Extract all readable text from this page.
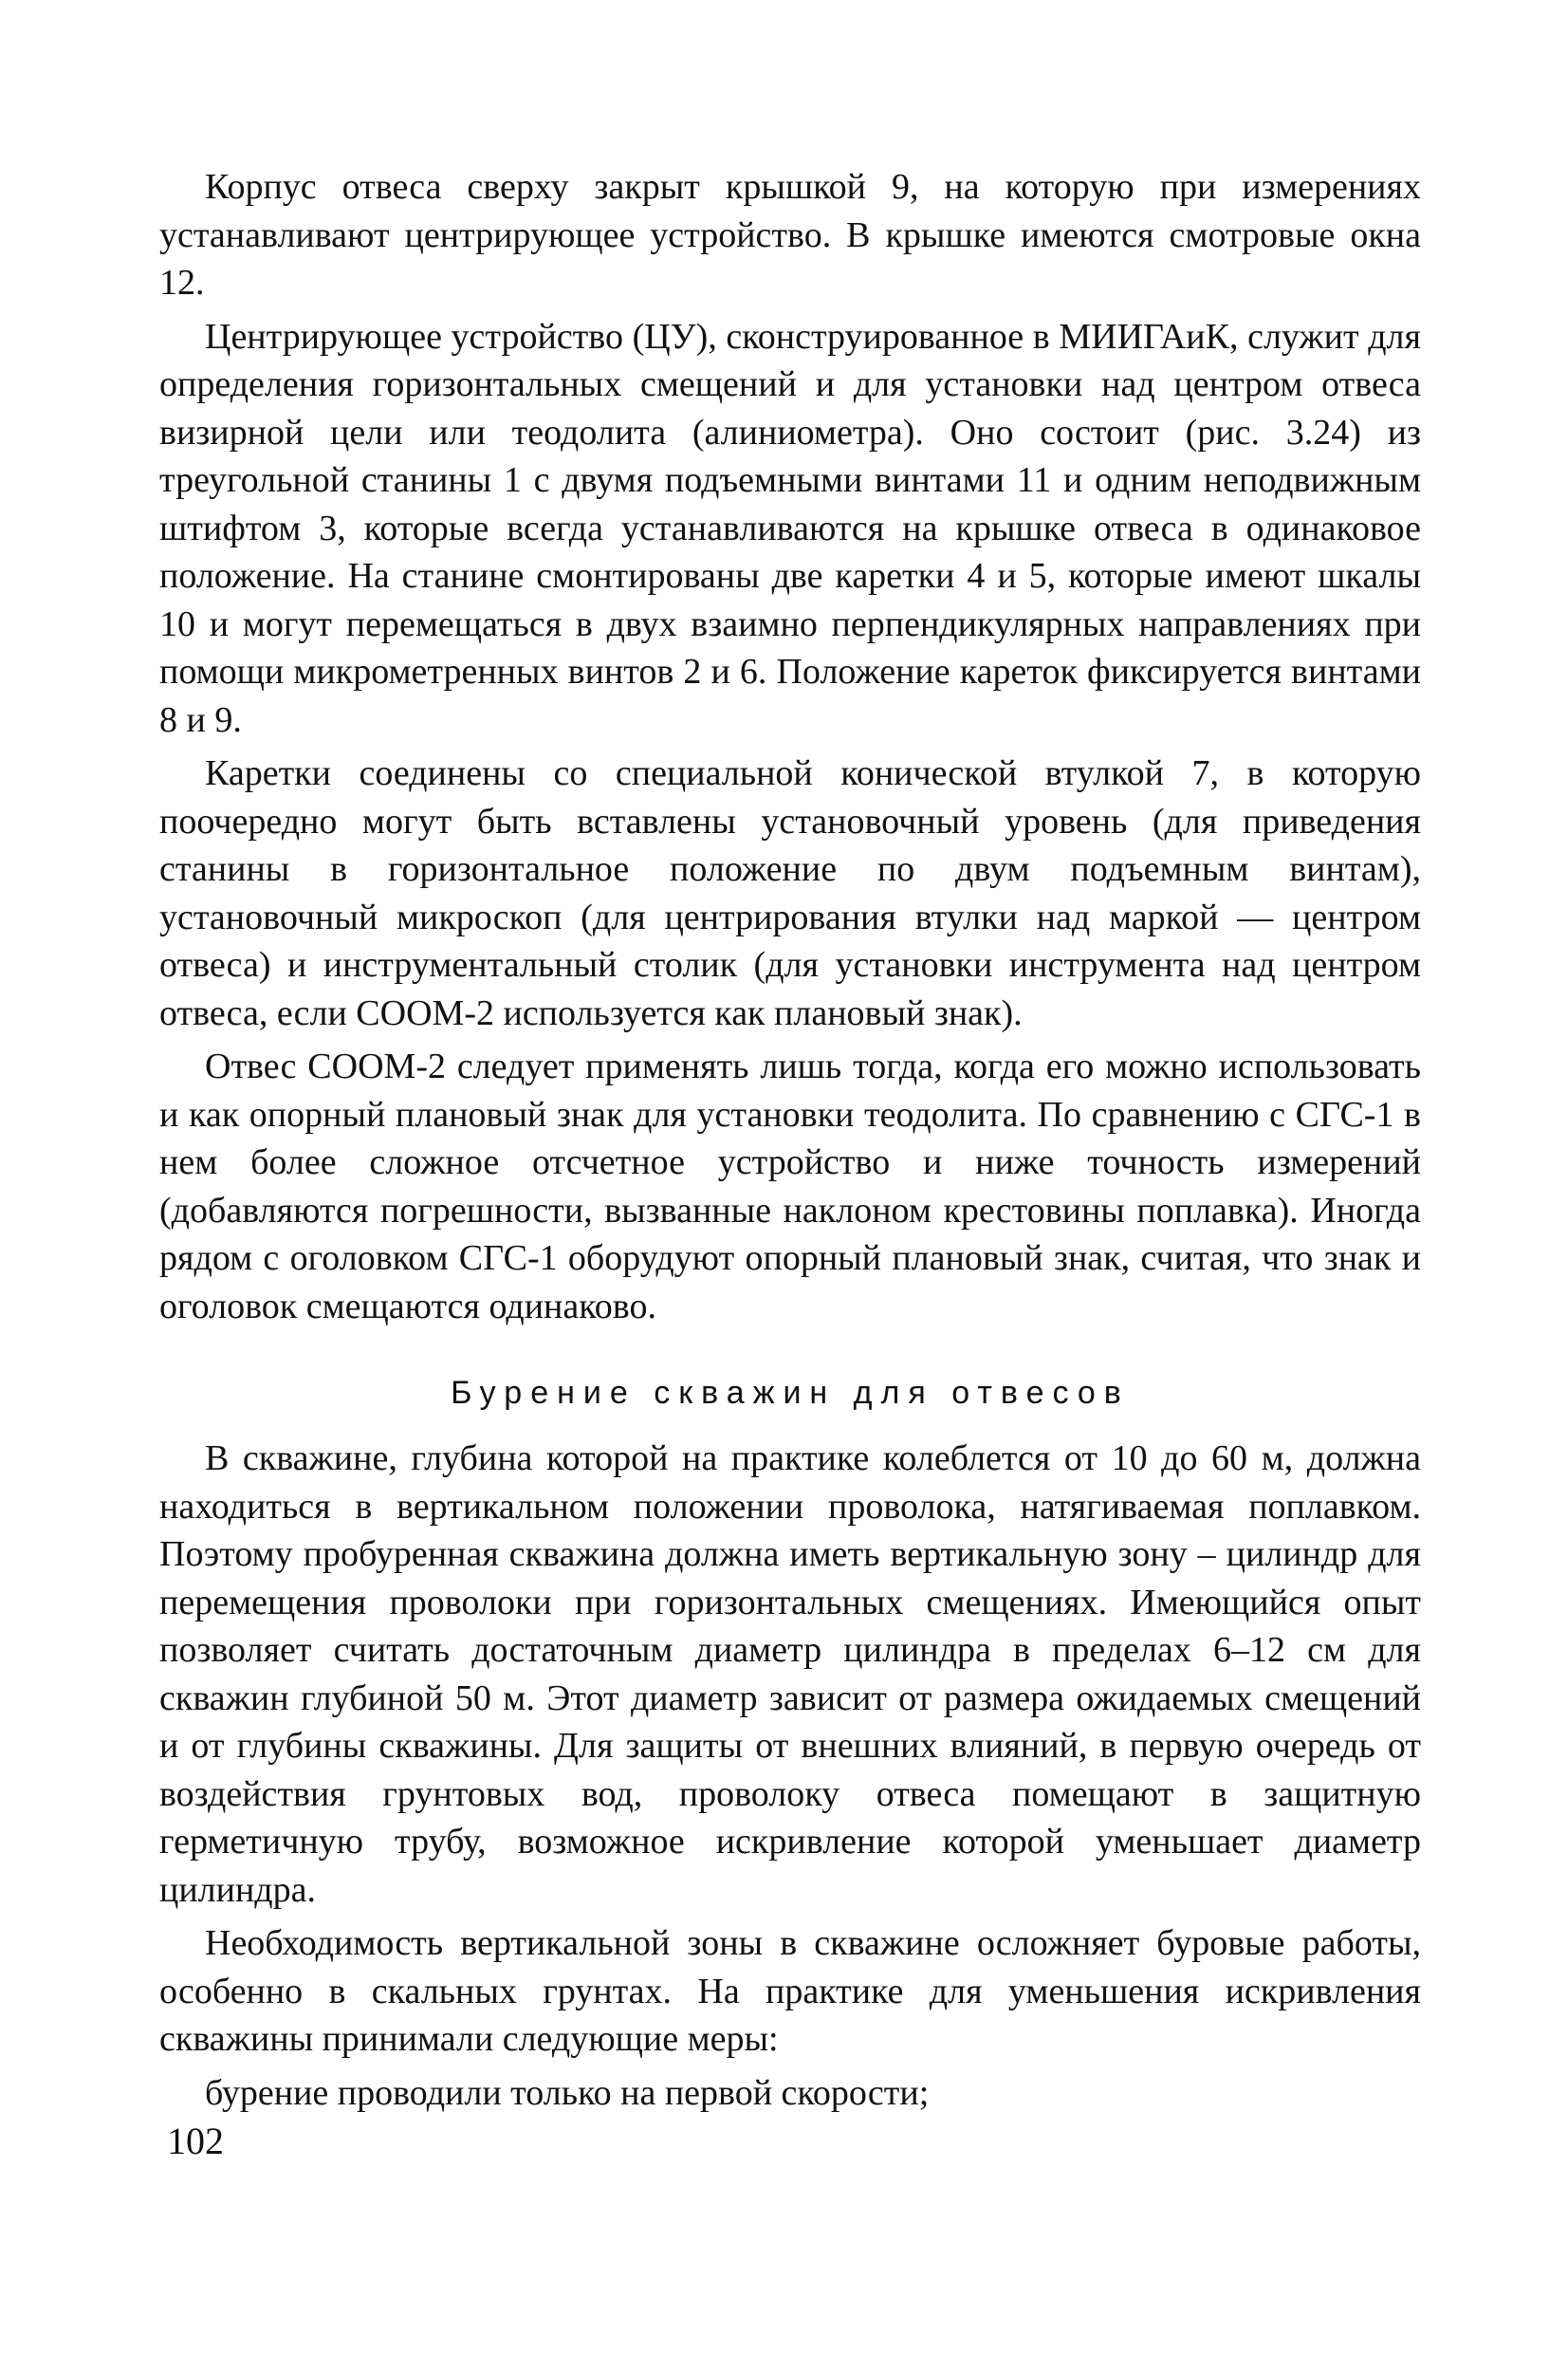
Корпус отвеса сверху закрыт крышкой 9, на которую при измерениях устанавливают центрирующее устройство. В крышке имеются смотровые окна 12.

Центрирующее устройство (ЦУ), сконструированное в МИИГАиК, служит для определения горизонтальных смещений и для установки над центром отвеса визирной цели или теодолита (алиниометра). Оно состоит (рис. 3.24) из треугольной станины 1 с двумя подъемными винтами 11 и одним неподвижным штифтом 3, которые всегда устанавливаются на крышке отвеса в одинаковое положение. На станине смонтированы две каретки 4 и 5, которые имеют шкалы 10 и могут перемещаться в двух взаимно перпендикулярных направлениях при помощи микрометренных винтов 2 и 6. Положение кареток фиксируется винтами 8 и 9.

Каретки соединены со специальной конической втулкой 7, в которую поочередно могут быть вставлены установочный уровень (для приведения станины в горизонтальное положение по двум подъемным винтам), установочный микроскоп (для центрирования втулки над маркой — центром отвеса) и инструментальный столик (для установки инструмента над центром отвеса, если СООМ-2 используется как плановый знак).

Отвес СООМ-2 следует применять лишь тогда, когда его можно использовать и как опорный плановый знак для установки теодолита. По сравнению с СГС-1 в нем более сложное отсчетное устройство и ниже точность измерений (добавляются погрешности, вызванные наклоном крестовины поплавка). Иногда рядом с оголовком СГС-1 оборудуют опорный плановый знак, считая, что знак и оголовок смещаются одинаково.

Бурение скважин для отвесов

В скважине, глубина которой на практике колеблется от 10 до 60 м, должна находиться в вертикальном положении проволока, натягиваемая поплавком. Поэтому пробуренная скважина должна иметь вертикальную зону – цилиндр для перемещения проволоки при горизонтальных смещениях. Имеющийся опыт позволяет считать достаточным диаметр цилиндра в пределах 6–12 см для скважин глубиной 50 м. Этот диаметр зависит от размера ожидаемых смещений и от глубины скважины. Для защиты от внешних влияний, в первую очередь от воздействия грунтовых вод, проволоку отвеса помещают в защитную герметичную трубу, возможное искривление которой уменьшает диаметр цилиндра.

Необходимость вертикальной зоны в скважине осложняет буровые работы, особенно в скальных грунтах. На практике для уменьшения искривления скважины принимали следующие меры:

бурение проводили только на первой скорости;

102
